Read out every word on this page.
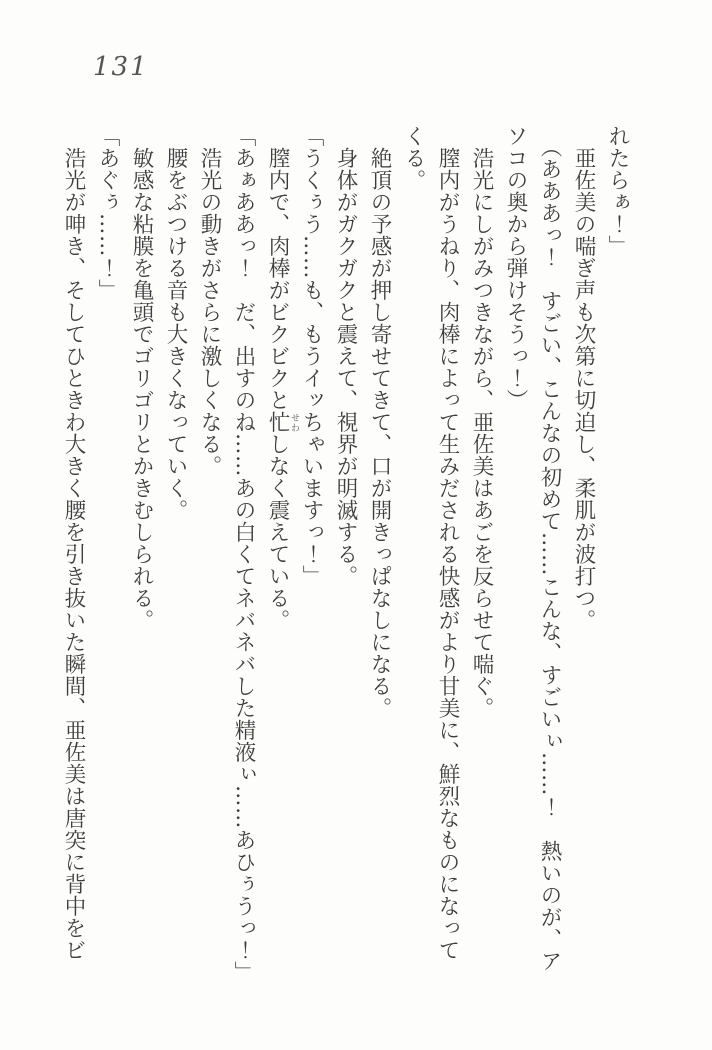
131

れたらぁ！」

亜佐美の喘ぎ声も次第に切迫し、柔肌が波打つ。

（あああっ！　すごい、こんなの初めて……こんな、すごいぃ……！　熱いのが、ア

ソコの奥から弾けそうっ！）

浩光にしがみつきながら、亜佐美はあごを反らせて喘ぐ。

膣内がうねり、肉棒によって生みだされる快感がより甘美に、鮮烈なものになって

くる。

絶頂の予感が押し寄せてきて、口が開きっぱなしになる。

身体がガクガクと震えて、視界が明滅する。

「うくぅう……も、もうイッちゃいますっ！」

膣内で、肉棒がビクビクと忙しなく震えている。

「あぁああっ！　だ、出すのね……あの白くてネバネバした精液ぃ……あひぅうっ！」

浩光の動きがさらに激しくなる。

腰をぶつける音も大きくなっていく。

敏感な粘膜を亀頭でゴリゴリとかきむしられる。

「あぐぅ……！」

浩光が呻き、そしてひときわ大きく腰を引き抜いた瞬間、亜佐美は唐突に背中をビ	せわ
